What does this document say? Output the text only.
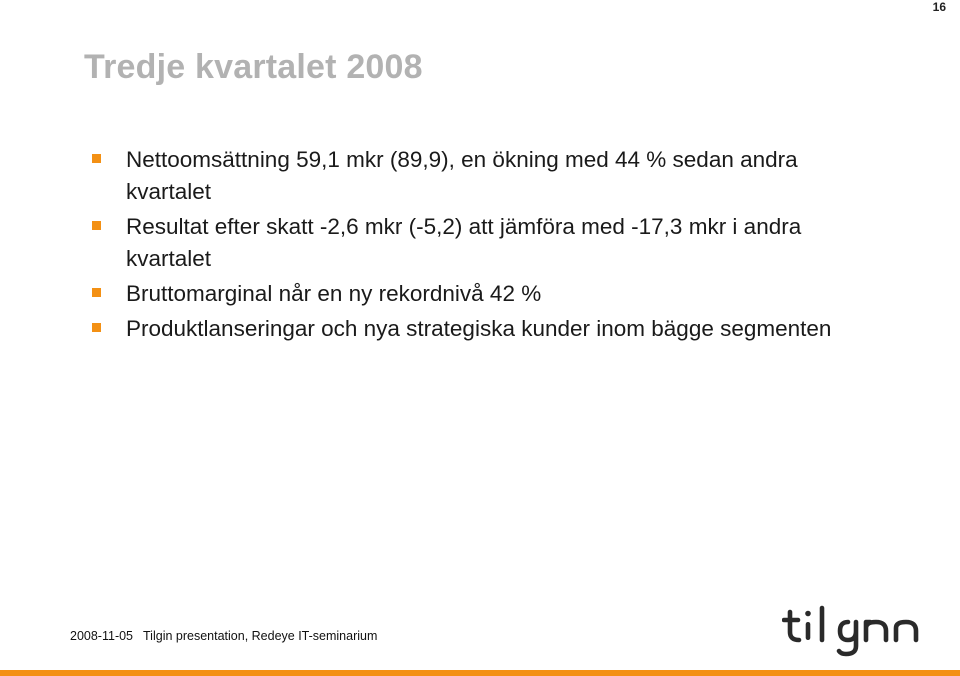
16
Tredje kvartalet 2008
Nettoomsättning 59,1 mkr (89,9), en ökning med 44 % sedan andra kvartalet
Resultat efter skatt -2,6 mkr (-5,2) att jämföra med -17,3 mkr i andra kvartalet
Bruttomarginal når en ny rekordnivå 42 %
Produktlanseringar och nya strategiska kunder inom bägge segmenten
2008-11-05 Tilgin presentation, Redeye IT-seminarium
